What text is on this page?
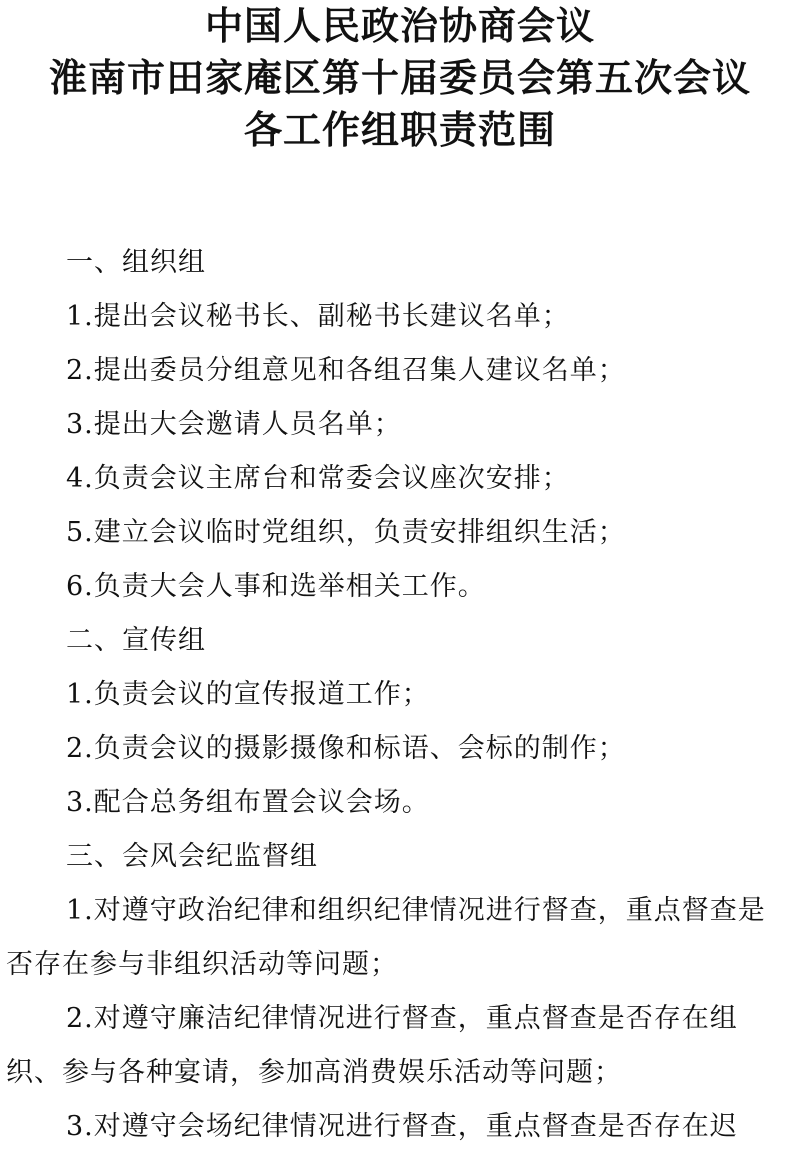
中国人民政治协商会议
淮南市田家庵区第十届委员会第五次会议
各工作组职责范围
一、组织组
1.提出会议秘书长、副秘书长建议名单；
2.提出委员分组意见和各组召集人建议名单；
3.提出大会邀请人员名单；
4.负责会议主席台和常委会议座次安排；
5.建立会议临时党组织，负责安排组织生活；
6.负责大会人事和选举相关工作。
二、宣传组
1.负责会议的宣传报道工作；
2.负责会议的摄影摄像和标语、会标的制作；
3.配合总务组布置会议会场。
三、会风会纪监督组
1.对遵守政治纪律和组织纪律情况进行督查，重点督查是
否存在参与非组织活动等问题；
2.对遵守廉洁纪律情况进行督查，重点督查是否存在组
织、参与各种宴请，参加高消费娱乐活动等问题；
3.对遵守会场纪律情况进行督查，重点督查是否存在迟
